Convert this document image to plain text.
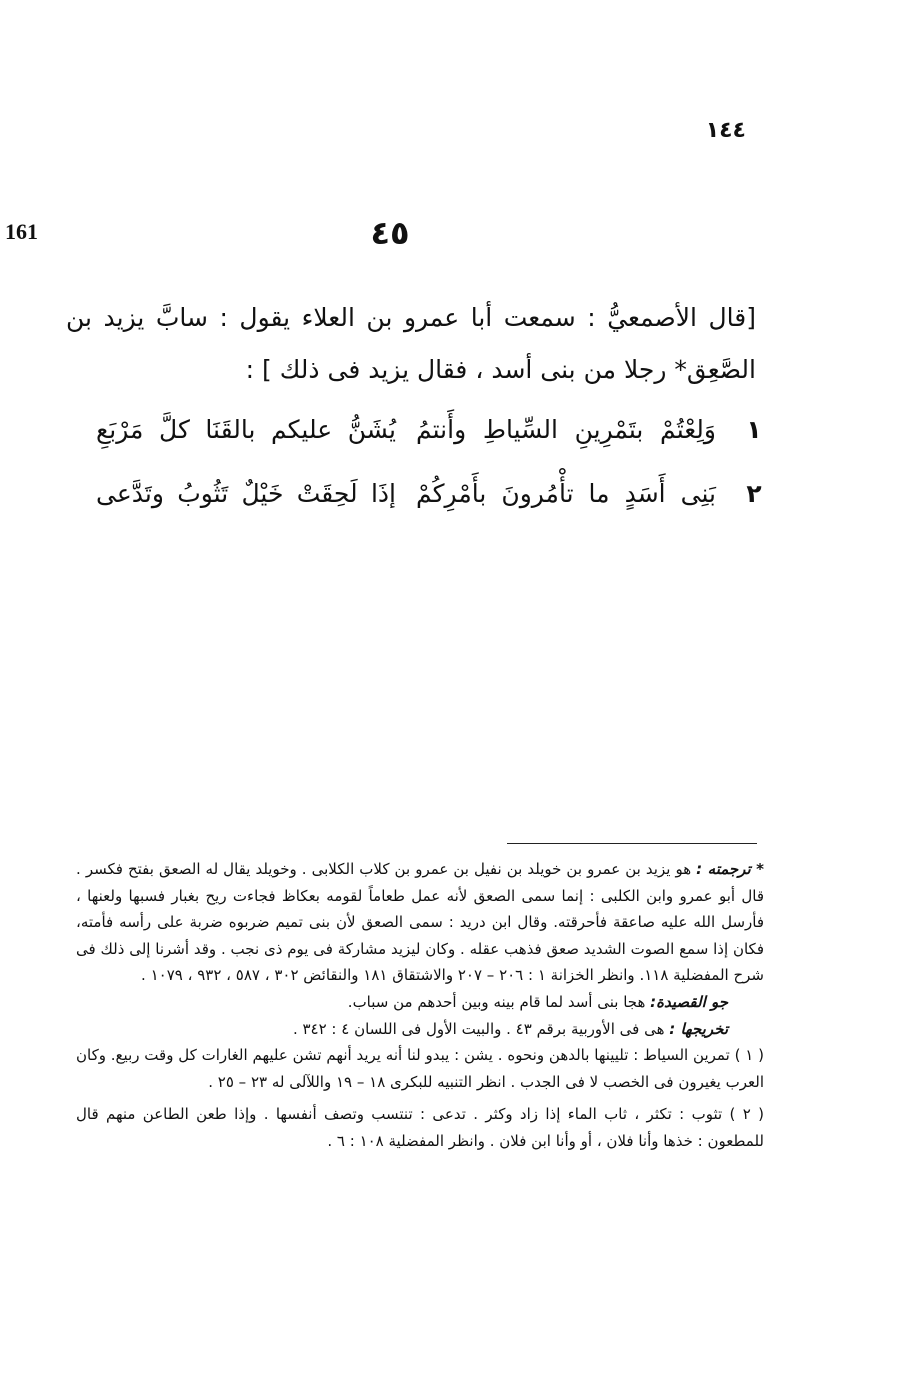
١٤٤
161	٤٥
[قال الأصمعيُّ : سمعت أبا عمرو بن العلاء يقول : سابَّ يزيد بن الصَّعِق* رجلا من بنى أسد ، فقال يزيد فى ذلك ] :
١
وَلِعْتُمْ بتَمْرِينِ السِّياطِ وأَنتمُ
يُشَنُّ عليكم بالقَنَا كلَّ مَرْبَعِ
٢
بَنِى أَسَدٍ ما تأْمُرونَ بأَمْرِكُمْ
إذَا لَحِقَتْ خَيْلٌ تَثُوبُ وتَدَّعى

* ترجمته : هو يزيد بن عمرو بن خويلد بن نفيل بن عمرو بن كلاب الكلابى . وخويلد يقال له الصعق بفتح فكسر . قال أبو عمرو وابن الكلبى : إنما سمى الصعق لأنه عمل طعاماً لقومه بعكاظ فجاءت ريح بغبار فسبها ولعنها ، فأرسل الله عليه صاعقة فأحرقته. وقال ابن دريد : سمى الصعق لأن بنى تميم ضربوه ضربة على رأسه فأمته، فكان إذا سمع الصوت الشديد صعق فذهب عقله . وكان ليزيد مشاركة فى يوم ذى نجب . وقد أشرنا إلى ذلك فى شرح المفضلية ١١٨. وانظر الخزانة ١ : ٢٠٦ – ٢٠٧ والاشتقاق ١٨١ والنقائض ٣٠٢ ، ٥٨٧ ، ٩٣٢ ، ١٠٧٩ .

جو القصيدة: هجا بنى أسد لما قام بينه وبين أحدهم من سباب.

تخريجها : هى فى الأوربية برقم ٤٣ . والبيت الأول فى اللسان ٤ : ٣٤٢ .

( ١ ) تمرين السياط : تليينها بالدهن ونحوه . يشن : يبدو لنا أنه يريد أنهم تشن عليهم الغارات كل وقت ربيع. وكان العرب يغيرون فى الخصب لا فى الجدب . انظر التنبيه للبكرى ١٨ – ١٩ واللآلى له ٢٣ – ٢٥ .

( ٢ ) تثوب : تكثر ، ثاب الماء إذا زاد وكثر . تدعى : تنتسب وتصف أنفسها . وإذا طعن الطاعن منهم قال للمطعون : خذها وأنا فلان ، أو وأنا ابن فلان . وانظر المفضلية ١٠٨ : ٦ .
